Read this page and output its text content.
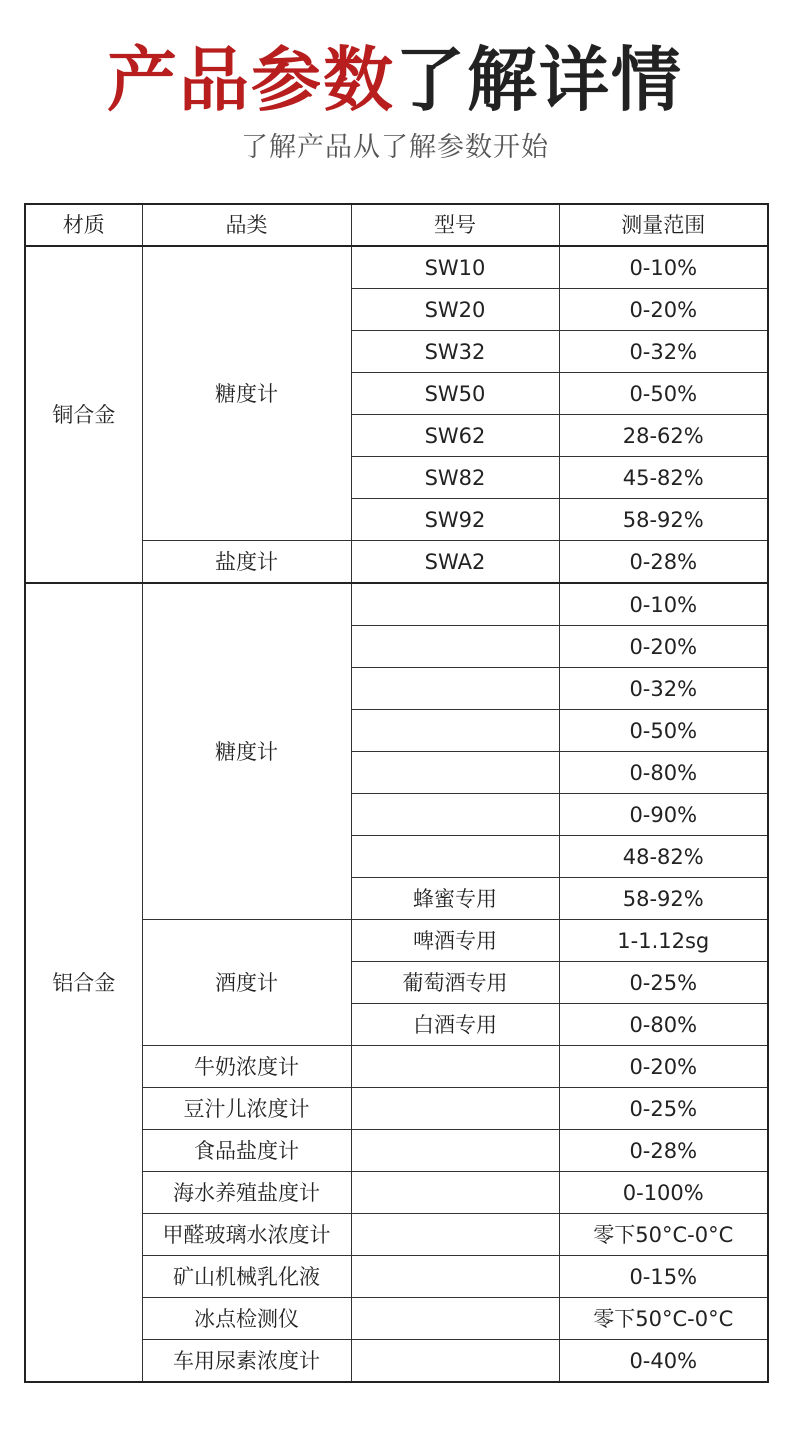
产品参数了解详情
了解产品从了解参数开始
材质	品类	型号	测量范围
铜合金	糖度计	SW10	0-10%
		SW20	0-20%
		SW32	0-32%
		SW50	0-50%
		SW62	28-62%
		SW82	45-82%
		SW92	58-92%
	盐度计	SWA2	0-28%
铝合金	糖度计		0-10%
			0-20%
			0-32%
			0-50%
			0-80%
			0-90%
			48-82%
		蜂蜜专用	58-92%
	酒度计	啤酒专用	1-1.12sg
		葡萄酒专用	0-25%
		白酒专用	0-80%
	牛奶浓度计		0-20%
	豆汁儿浓度计		0-25%
	食品盐度计		0-28%
	海水养殖盐度计		0-100%
	甲醛玻璃水浓度计		零下50°C-0°C
	矿山机械乳化液		0-15%
	冰点检测仪		零下50°C-0°C
	车用尿素浓度计		0-40%
